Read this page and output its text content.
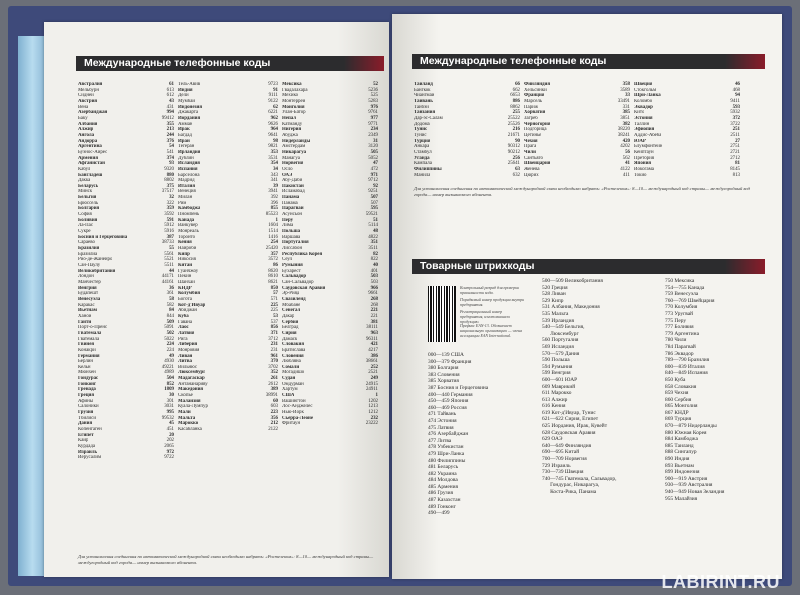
Международные телефонные коды
Австралия	61
Мельбурн	613
Сидней	612
Австрия	43
Вена	431
Азербайджан	994
Баку	99412
Албания	355
Алжир	213
Ангола	244
Андорра	376
Аргентина	54
Буэнос-Айрес	541
Армения	374
Афганистан	93
Кабул	9320
Бангладеш	880
Дакка	8802
Беларусь	375
Минск	37517
Бельгия	32
Брюссель	322
Болгария	359
София	3592
Боливия	591
Ла-Пас	5912
Сукре	5916
Босния и Герцеговина	387
Сараево	38733
Бразилия	55
Бразилиа	5561
Рио-де-Жанейро	5521
Сан-Паулу	5511
Великобритания	44
Лондон	44171
Манчестер	44161
Венгрия	36
Будапешт	361
Венесуэла	58
Каракас	582
Вьетнам	84
Ханой	844
Гаити	509
Порт-о-Пренс	5091
Гватемала	502
Гватемала	5022
Гвинея	224
Конакри	224
Германия	49
Берлин	4930
Кельн	49221
Мюнхен	4989
Гондурас	504
Гонконг	852
Гренада	1809
Греция	30
Афины	301
Салоники	3031
Грузия	995
Тбилиси	99532
Дания	45
Копенгаген	451
Египет	20
Каир	202
Курдада	2065
Израиль	972
Иерусалим	9722
Тель-Авив	9723
Индия	91
Дели	9111
Мумбаи	9122
Индонезия	62
Джакарта	6221
Иордания	962
Амман	9626
Ирак	964
Багдад	9641
Иран	98
Тегеран	9821
Ирландия	353
Дублин	3531
Исландия	354
Испания	34
Барселона	343
Мадрид	341
Италия	39
Венеция	3941
Милан	392
Рим	396
Камбоджа	855
Пномпень	85523
Канада	1
Ванкувер	1604
Монреаль	1514
Торонто	1416
Кения	254
Найроби	25420
Кипр	357
Никосия	3572
Китай	86
Гуанчжоу	8620
Пекин	8610
Шанхай	8621
КНДР	850
Колумбия	57
Богота	571
Кот-д'Ивуар	225
Абиджан	225
Куба	53
Гавана	537
Лаос	856
Латвия	371
Рига	3712
Либерия	231
Монровия	231
Ливан	961
Литва	370
Вильнюс	3702
Люксембург	352
Мадагаскар	261
Антананариву	2612
Македония	389
Скопье	38991
Малайзия	60
Куала-Лумпур	603
Мали	223
Мальта	356
Марокко	212
Касабланка	2122
Мексика	52
Гвадалахара	5236
Мехико	525
Монтеррей	5283
Монголия	976
Улан-Батор	9761
Непал	977
Катманду	9771
Нигерия	234
Абуджа	2349
Нидерланды	31
Амстердам	3120
Никарагуа	505
Манагуа	5052
Норвегия	47
Осло	472
ОАЭ	971
Абу-Даби	9712
Пакистан	92
Исламабад	9251
Панама	507
Панама	507
Парагвай	595
Асунсьон	59521
Перу	51
Лима	5114
Польша	48
Варшава	4822
Португалия	351
Лиссабон	3511
Республика Корея	82
Сеул	822
Румыния	40
Бухарест	401
Сальвадор	503
Сан-Сальвадор	503
Саудовская Аравия	966
Эр-Рияд	9661
Свазиленд	268
Мбабане	268
Сенегал	221
Дакар	221
Сербия	381
Белград	38111
Сирия	963
Дамаск	96311
Словакия	421
Братислава	4217
Словения	386
Любляна	38661
Сомали	252
Могадишо	2521
Судан	249
Омдурман	24915
Хартум	24911
США	1
Вашингтон	1202
Лос-Анджелес	1213
Нью-Йорк	1212
Сьерра-Леоне	232
Фритаун	23222
Для установления соединения по автоматической международной связи необходимо набрать: «Ростелеком»: 8—10— международный код страны— междугородный код города— номер вызываемого абонента.
Международные телефонные коды
Таиланд	66
Бангкок	662
Чиангмай	6653
Тайвань	886
Тайбэй	8862
Танзания	255
Дар-эс-Салам	25522
Додома	25526
Тунис	216
Тунис	21671
Турция	90
Анкара	90312
Стамбул	90212
Уганда	256
Кампала	25641
Филиппины	63
Манила	632
Финляндия	358
Хельсинки	3589
Франция	33
Марсель	33491
Париж	331
Хорватия	385
Загреб	3851
Черногория	382
Подгорица	38220
Цетинье	38241
Чехия	420
Прага	4202
Чили	56
Сантьяго	562
Швейцария	41
Женева	4122
Цюрих	411
Швеция	46
Стокгольм	468
Шри-Ланка	94
Коломбо	9411
Эквадор	593
Кито	5932
Эстония	372
Таллин	3722
Эфиопия	251
Аддис-Абеба	2511
ЮАР	27
Блумфонтейн	2751
Кейптаун	2721
Претория	2712
Япония	81
Иокогама	8145
Токио	813
Для установления соединения по автоматической международной связи необходимо набрать: «Ростелеком»: 8—10— международный код страны— междугородный код города— номер вызываемого абонента.
Товарные штрихкоды
Контрольный разряд для проверки правильности кода.
Порядковый номер продукции внутри предприятия.
Регистрационный номер предприятия, изготовившего продукцию.
Префикс EAN-13. Обозначает национальную организацию — члена ассоциации EAN International.
000—139 США
300—379 Франция
380 Болгария
383 Словения
385 Хорватия
387 Босния и Герцеговина
400—440 Германия
450—459 Япония
460—469 Россия
471 Тайвань
474 Эстония
475 Латвия
476 Азербайджан
477 Литва
478 Узбекистан
479 Шри-Ланка
480 Филиппины
481 Беларусь
482 Украина
484 Молдова
485 Армения
486 Грузия
487 Казахстан
489 Гонконг
490—499
500—509 Великобритания
520 Греция
528 Ливан
529 Кипр
531 Албания, Македония
535 Мальта
539 Ирландия
540—549 Бельгия,
Люксембург
560 Португалия
569 Исландия
570—579 Дания
590 Польша
594 Румыния
599 Венгрия
600—601 ЮАР
609 Маврикий
611 Марокко
613 Алжир
616 Кения
619 Кот-д'Ивуар, Тунис
621—622 Сирия, Египет
625 Иордания, Ирак, Кувейт
628 Саудовская Аравия
629 ОАЭ
640—649 Финляндия
690—695 Китай
700—709 Норвегия
729 Израиль
730—739 Швеция
740—745 Гватемала, Сальвадор,
Гондурас, Никарагуа,
Коста-Рика, Панама
750 Мексика
754—755 Канада
759 Венесуэла
760—769 Швейцария
770 Колумбия
773 Уругвай
775 Перу
777 Боливия
779 Аргентина
780 Чили
784 Парагвай
786 Эквадор
789—790 Бразилия
800—839 Италия
840—849 Испания
850 Куба
858 Словакия
859 Чехия
860 Сербия
865 Монголия
867 КНДР
869 Турция
870—879 Нидерланды
880 Южная Корея
884 Камбоджа
885 Таиланд
888 Сингапур
890 Индия
893 Вьетнам
899 Индонезия
900—919 Австрия
930—939 Австралия
940—949 Новая Зеландия
955 Малайзия
LABIRINT.RU
